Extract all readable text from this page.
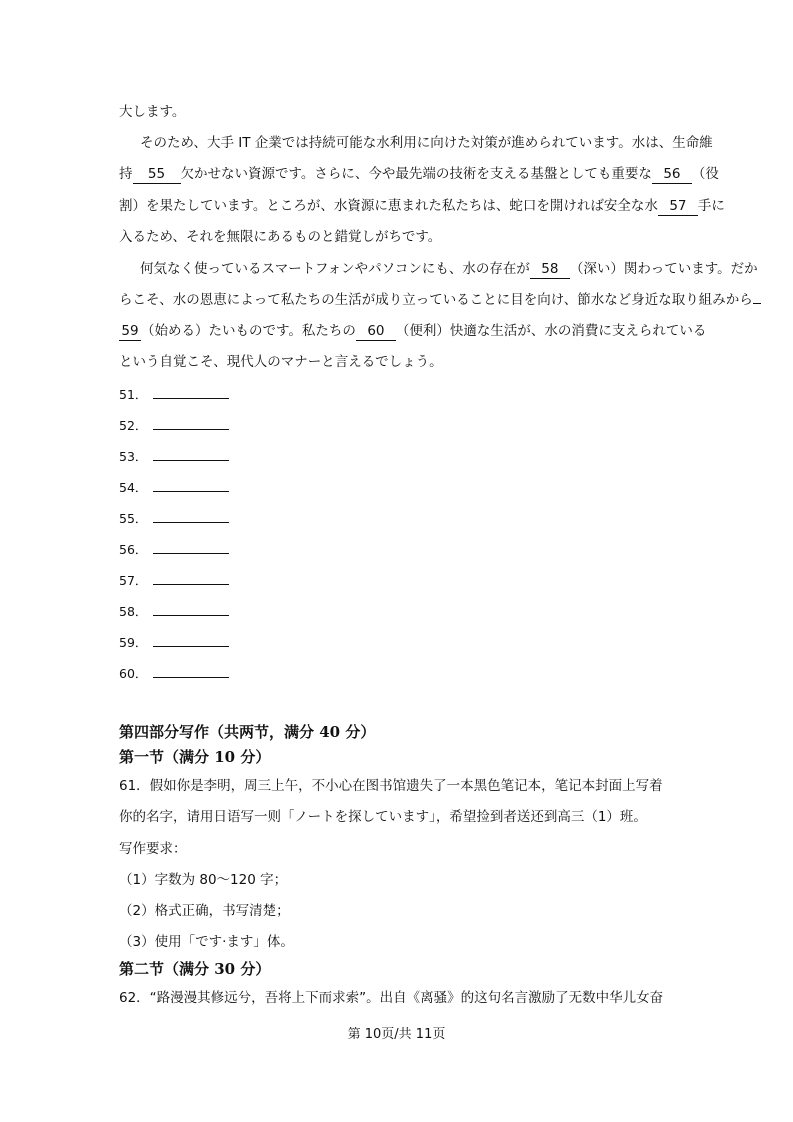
大します。
そのため、大手 IT 企業では持続可能な水利用に向けた対策が進められています。水は、生命維
持 55 欠かせない資源です。さらに、今や最先端の技術を支える基盤としても重要な 56 （役
割）を果たしています。ところが、水資源に恵まれた私たちは、蛇口を開ければ安全な水 57 手に
入るため、それを無限にあるものと錯覚しがちです。
何気なく使っているスマートフォンやパソコンにも、水の存在が 58 （深い）関わっています。だか
らこそ、水の恩恵によって私たちの生活が成り立っていることに目を向け、節水など身近な取り組みから
59 （始める）たいものです。私たちの 60 （便利）快適な生活が、水の消費に支えられている
という自覚こそ、現代人のマナーと言えるでしょう。
51．
52．
53．
54．
55．
56．
57．
58．
59．
60．
第四部分写作（共两节，满分 40 分）
第一节（满分 10 分）
61．假如你是李明，周三上午，不小心在图书馆遗失了一本黑色笔记本，笔记本封面上写着
你的名字，请用日语写一则「ノートを探しています」，希望捡到者送还到高三（1）班。
写作要求：
（1）字数为 80～120 字；
（2）格式正确，书写清楚；
（3）使用「です·ます」体。
第二节（满分 30 分）
62．“路漫漫其修远兮，吾将上下而求索”。出自《离骚》的这句名言激励了无数中华儿女奋
第 10页/共 11页
